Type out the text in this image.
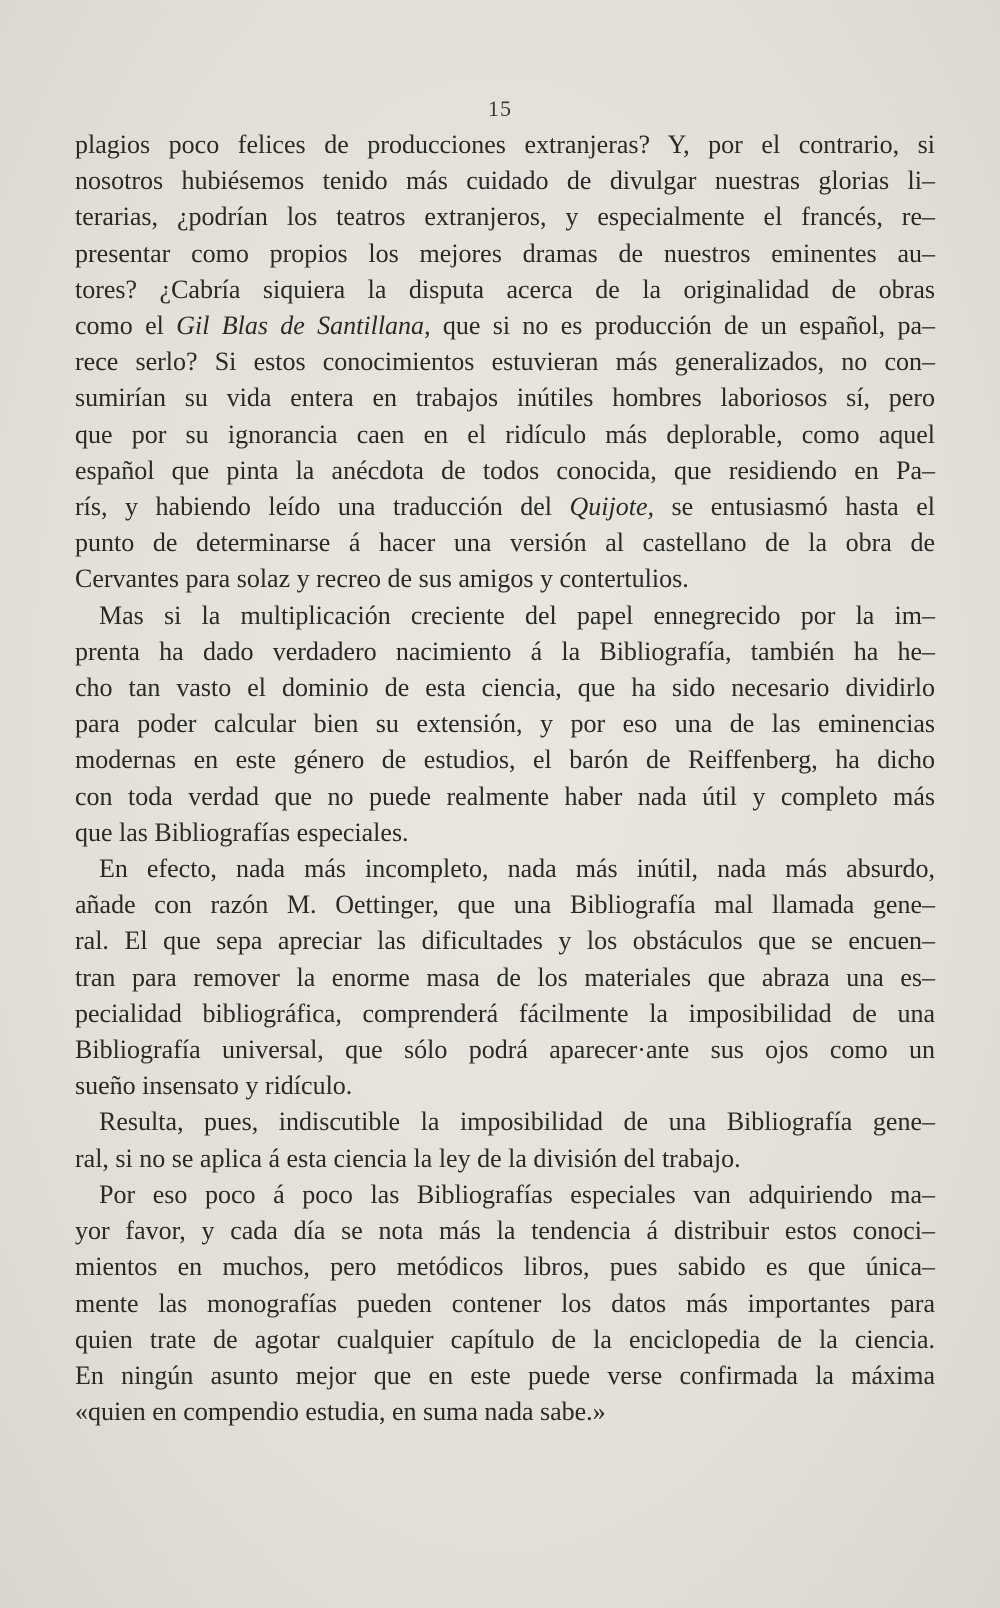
15
plagios poco felices de producciones extranjeras? Y, por el contrario, si
nosotros hubiésemos tenido más cuidado de divulgar nuestras glorias li–
terarias, ¿podrían los teatros extranjeros, y especialmente el francés, re–
presentar como propios los mejores dramas de nuestros eminentes au–
tores? ¿Cabría siquiera la disputa acerca de la originalidad de obras
como el Gil Blas de Santillana, que si no es producción de un español, pa–
rece serlo? Si estos conocimientos estuvieran más generalizados, no con–
sumirían su vida entera en trabajos inútiles hombres laboriosos sí, pero
que por su ignorancia caen en el ridículo más deplorable, como aquel
español que pinta la anécdota de todos conocida, que residiendo en Pa–
rís, y habiendo leído una traducción del Quijote, se entusiasmó hasta el
punto de determinarse á hacer una versión al castellano de la obra de
Cervantes para solaz y recreo de sus amigos y contertulios.
Mas si la multiplicación creciente del papel ennegrecido por la im–
prenta ha dado verdadero nacimiento á la Bibliografía, también ha he–
cho tan vasto el dominio de esta ciencia, que ha sido necesario dividirlo
para poder calcular bien su extensión, y por eso una de las eminencias
modernas en este género de estudios, el barón de Reiffenberg, ha dicho
con toda verdad que no puede realmente haber nada útil y completo más
que las Bibliografías especiales.
En efecto, nada más incompleto, nada más inútil, nada más absurdo,
añade con razón M. Oettinger, que una Bibliografía mal llamada gene–
ral. El que sepa apreciar las dificultades y los obstáculos que se encuen–
tran para remover la enorme masa de los materiales que abraza una es–
pecialidad bibliográfica, comprenderá fácilmente la imposibilidad de una
Bibliografía universal, que sólo podrá aparecer·ante sus ojos como un
sueño insensato y ridículo.
Resulta, pues, indiscutible la imposibilidad de una Bibliografía gene–
ral, si no se aplica á esta ciencia la ley de la división del trabajo.
Por eso poco á poco las Bibliografías especiales van adquiriendo ma–
yor favor, y cada día se nota más la tendencia á distribuir estos conoci–
mientos en muchos, pero metódicos libros, pues sabido es que única–
mente las monografías pueden contener los datos más importantes para
quien trate de agotar cualquier capítulo de la enciclopedia de la ciencia.
En ningún asunto mejor que en este puede verse confirmada la máxima
«quien en compendio estudia, en suma nada sabe.»
